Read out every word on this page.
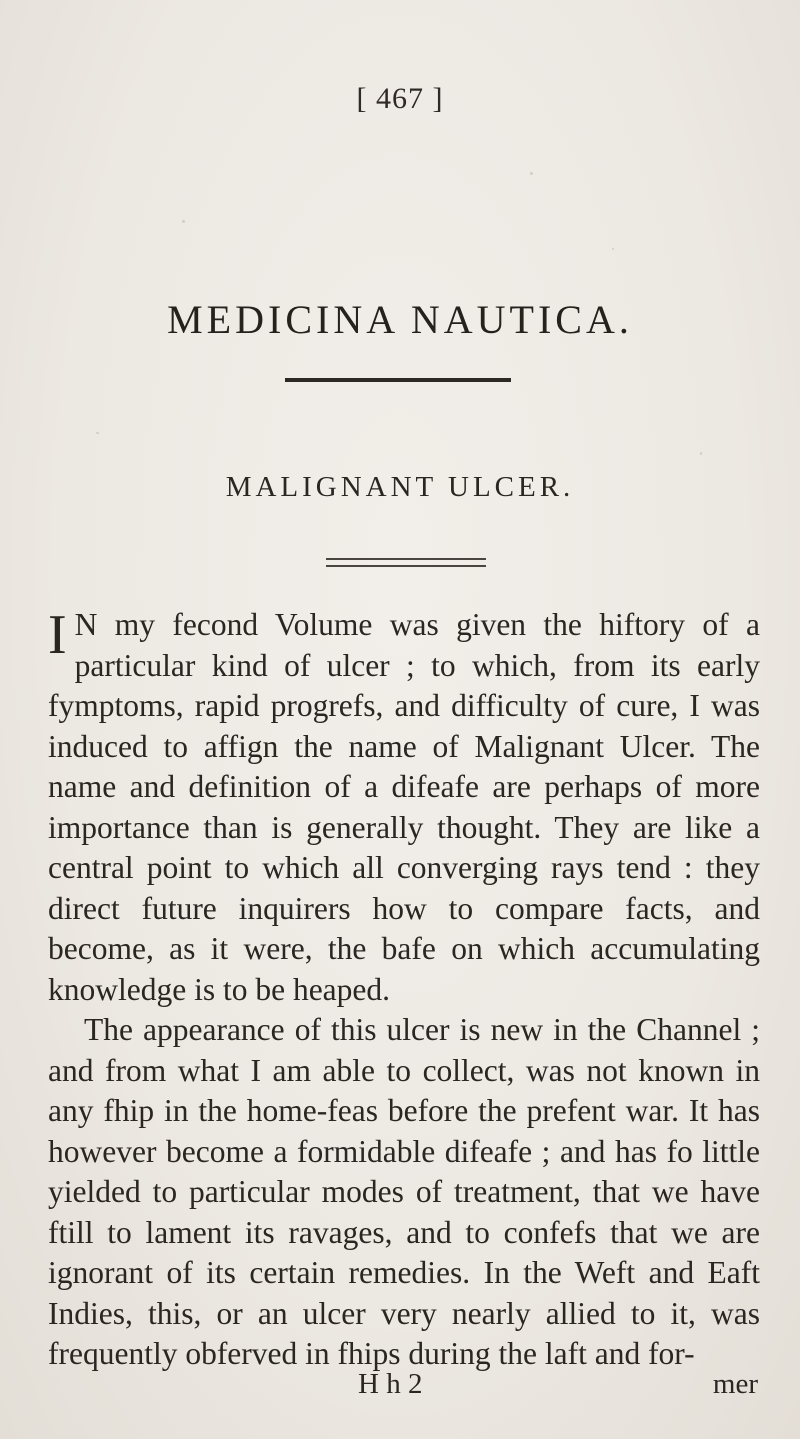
[ 467 ]
MEDICINA NAUTICA.
MALIGNANT ULCER.

I N my fecond Volume was given the hiftory of a particular kind of ulcer ; to which, from its early fymptoms, rapid progrefs, and difficulty of cure, I was induced to affign the name of Malignant Ulcer. The name and definition of a difeafe are perhaps of more importance than is generally thought. They are like a central point to which all converging rays tend : they direct future inquirers how to compare facts, and become, as it were, the bafe on which accumulating knowledge is to be heaped.

The appearance of this ulcer is new in the Channel ; and from what I am able to collect, was not known in any fhip in the home-feas before the prefent war. It has however become a formidable difeafe ; and has fo little yielded to particular modes of treatment, that we have ftill to lament its ravages, and to confefs that we are ignorant of its certain remedies. In the Weft and Eaft Indies, this, or an ulcer very nearly allied to it, was frequently obferved in fhips during the laft and for-

H h 2	mer
